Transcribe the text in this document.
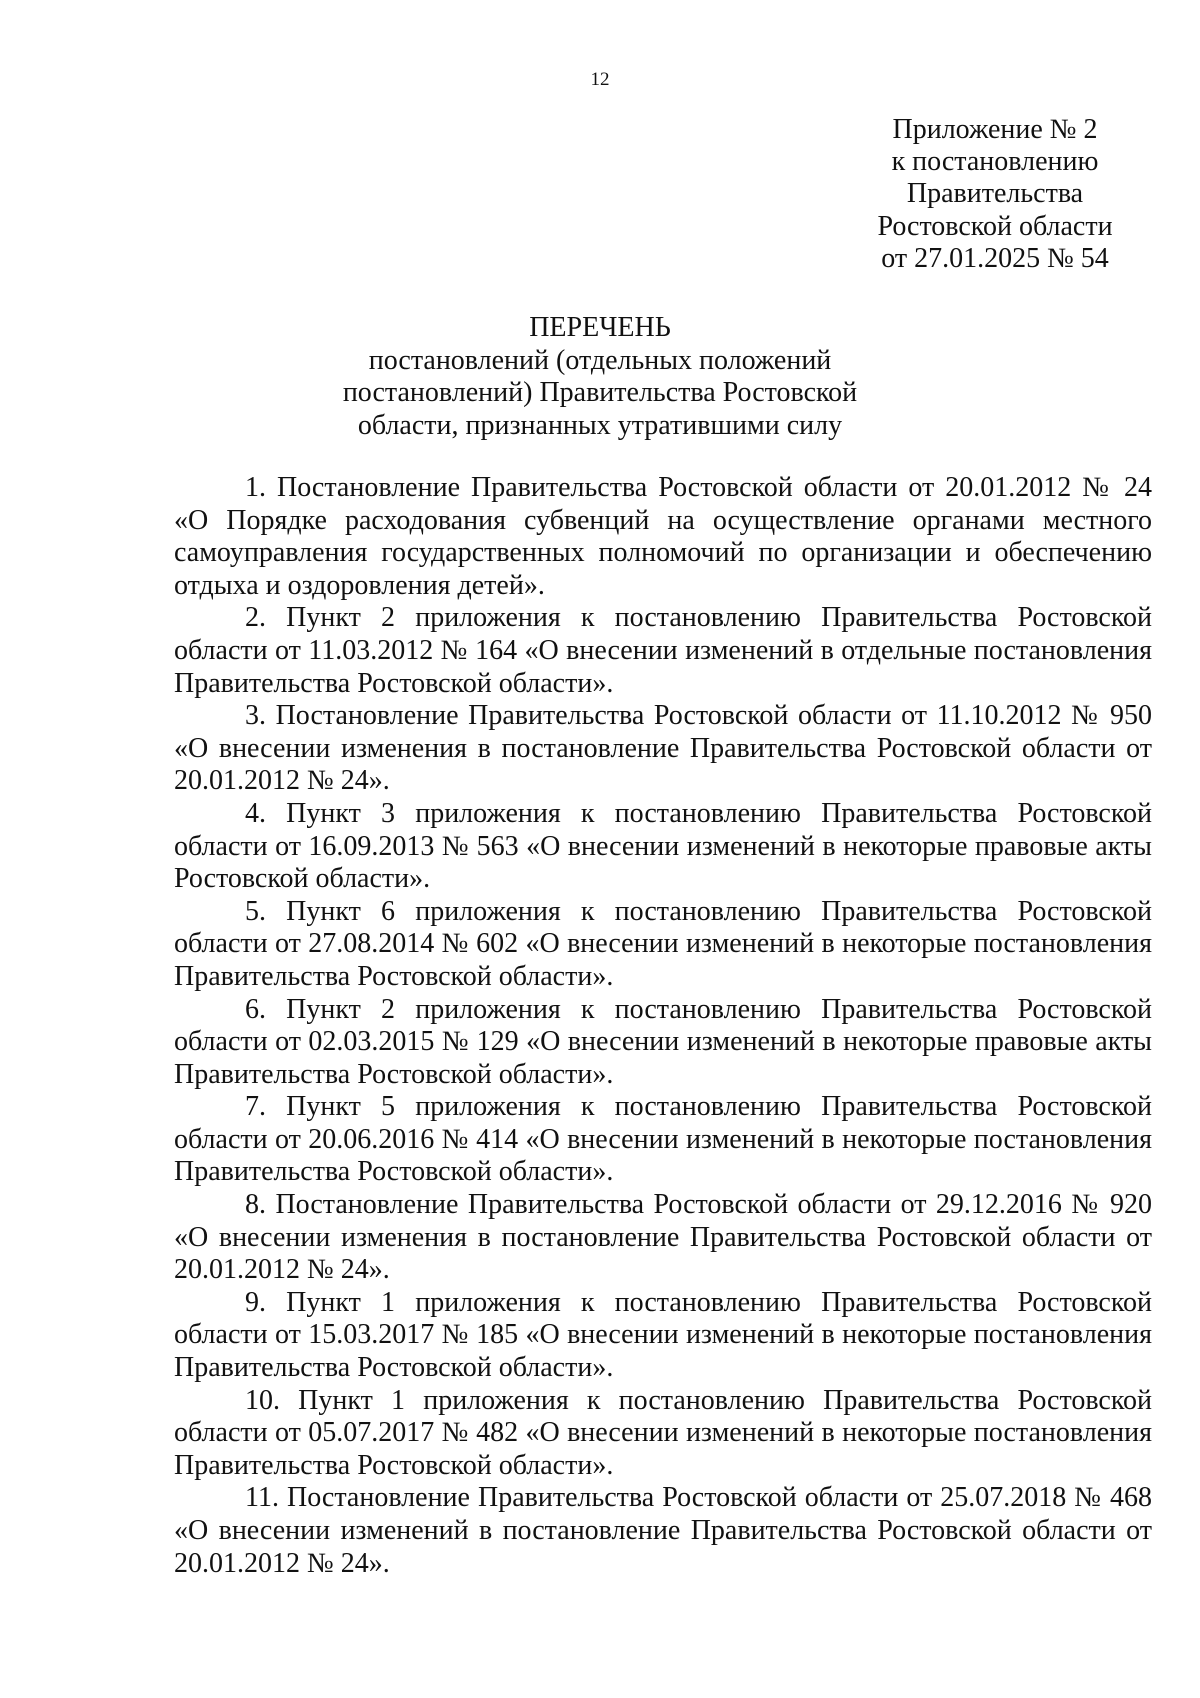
12
Приложение № 2
к постановлению
Правительства
Ростовской области
от 27.01.2025 № 54
ПЕРЕЧЕНЬ
постановлений (отдельных положений
постановлений) Правительства Ростовской
области, признанных утратившими силу

1. Постановление Правительства Ростовской области от 20.01.2012 № 24 «О Порядке расходования субвенций на осуществление органами местного самоуправления государственных полномочий по организации и обеспечению отдыха и оздоровления детей».

2. Пункт 2 приложения к постановлению Правительства Ростовской области от 11.03.2012 № 164 «О внесении изменений в отдельные постановления Правительства Ростовской области».

3. Постановление Правительства Ростовской области от 11.10.2012 № 950 «О внесении изменения в постановление Правительства Ростовской области от 20.01.2012 № 24».

4. Пункт 3 приложения к постановлению Правительства Ростовской области от 16.09.2013 № 563 «О внесении изменений в некоторые правовые акты Ростовской области».

5. Пункт 6 приложения к постановлению Правительства Ростовской области от 27.08.2014 № 602 «О внесении изменений в некоторые постановления Правительства Ростовской области».

6. Пункт 2 приложения к постановлению Правительства Ростовской области от 02.03.2015 № 129 «О внесении изменений в некоторые правовые акты Правительства Ростовской области».

7. Пункт 5 приложения к постановлению Правительства Ростовской области от 20.06.2016 № 414 «О внесении изменений в некоторые постановления Правительства Ростовской области».

8. Постановление Правительства Ростовской области от 29.12.2016 № 920 «О внесении изменения в постановление Правительства Ростовской области от 20.01.2012 № 24».

9. Пункт 1 приложения к постановлению Правительства Ростовской области от 15.03.2017 № 185 «О внесении изменений в некоторые постановления Правительства Ростовской области».

10. Пункт 1 приложения к постановлению Правительства Ростовской области от 05.07.2017 № 482 «О внесении изменений в некоторые постановления Правительства Ростовской области».

11. Постановление Правительства Ростовской области от 25.07.2018 № 468 «О внесении изменений в постановление Правительства Ростовской области от 20.01.2012 № 24».
